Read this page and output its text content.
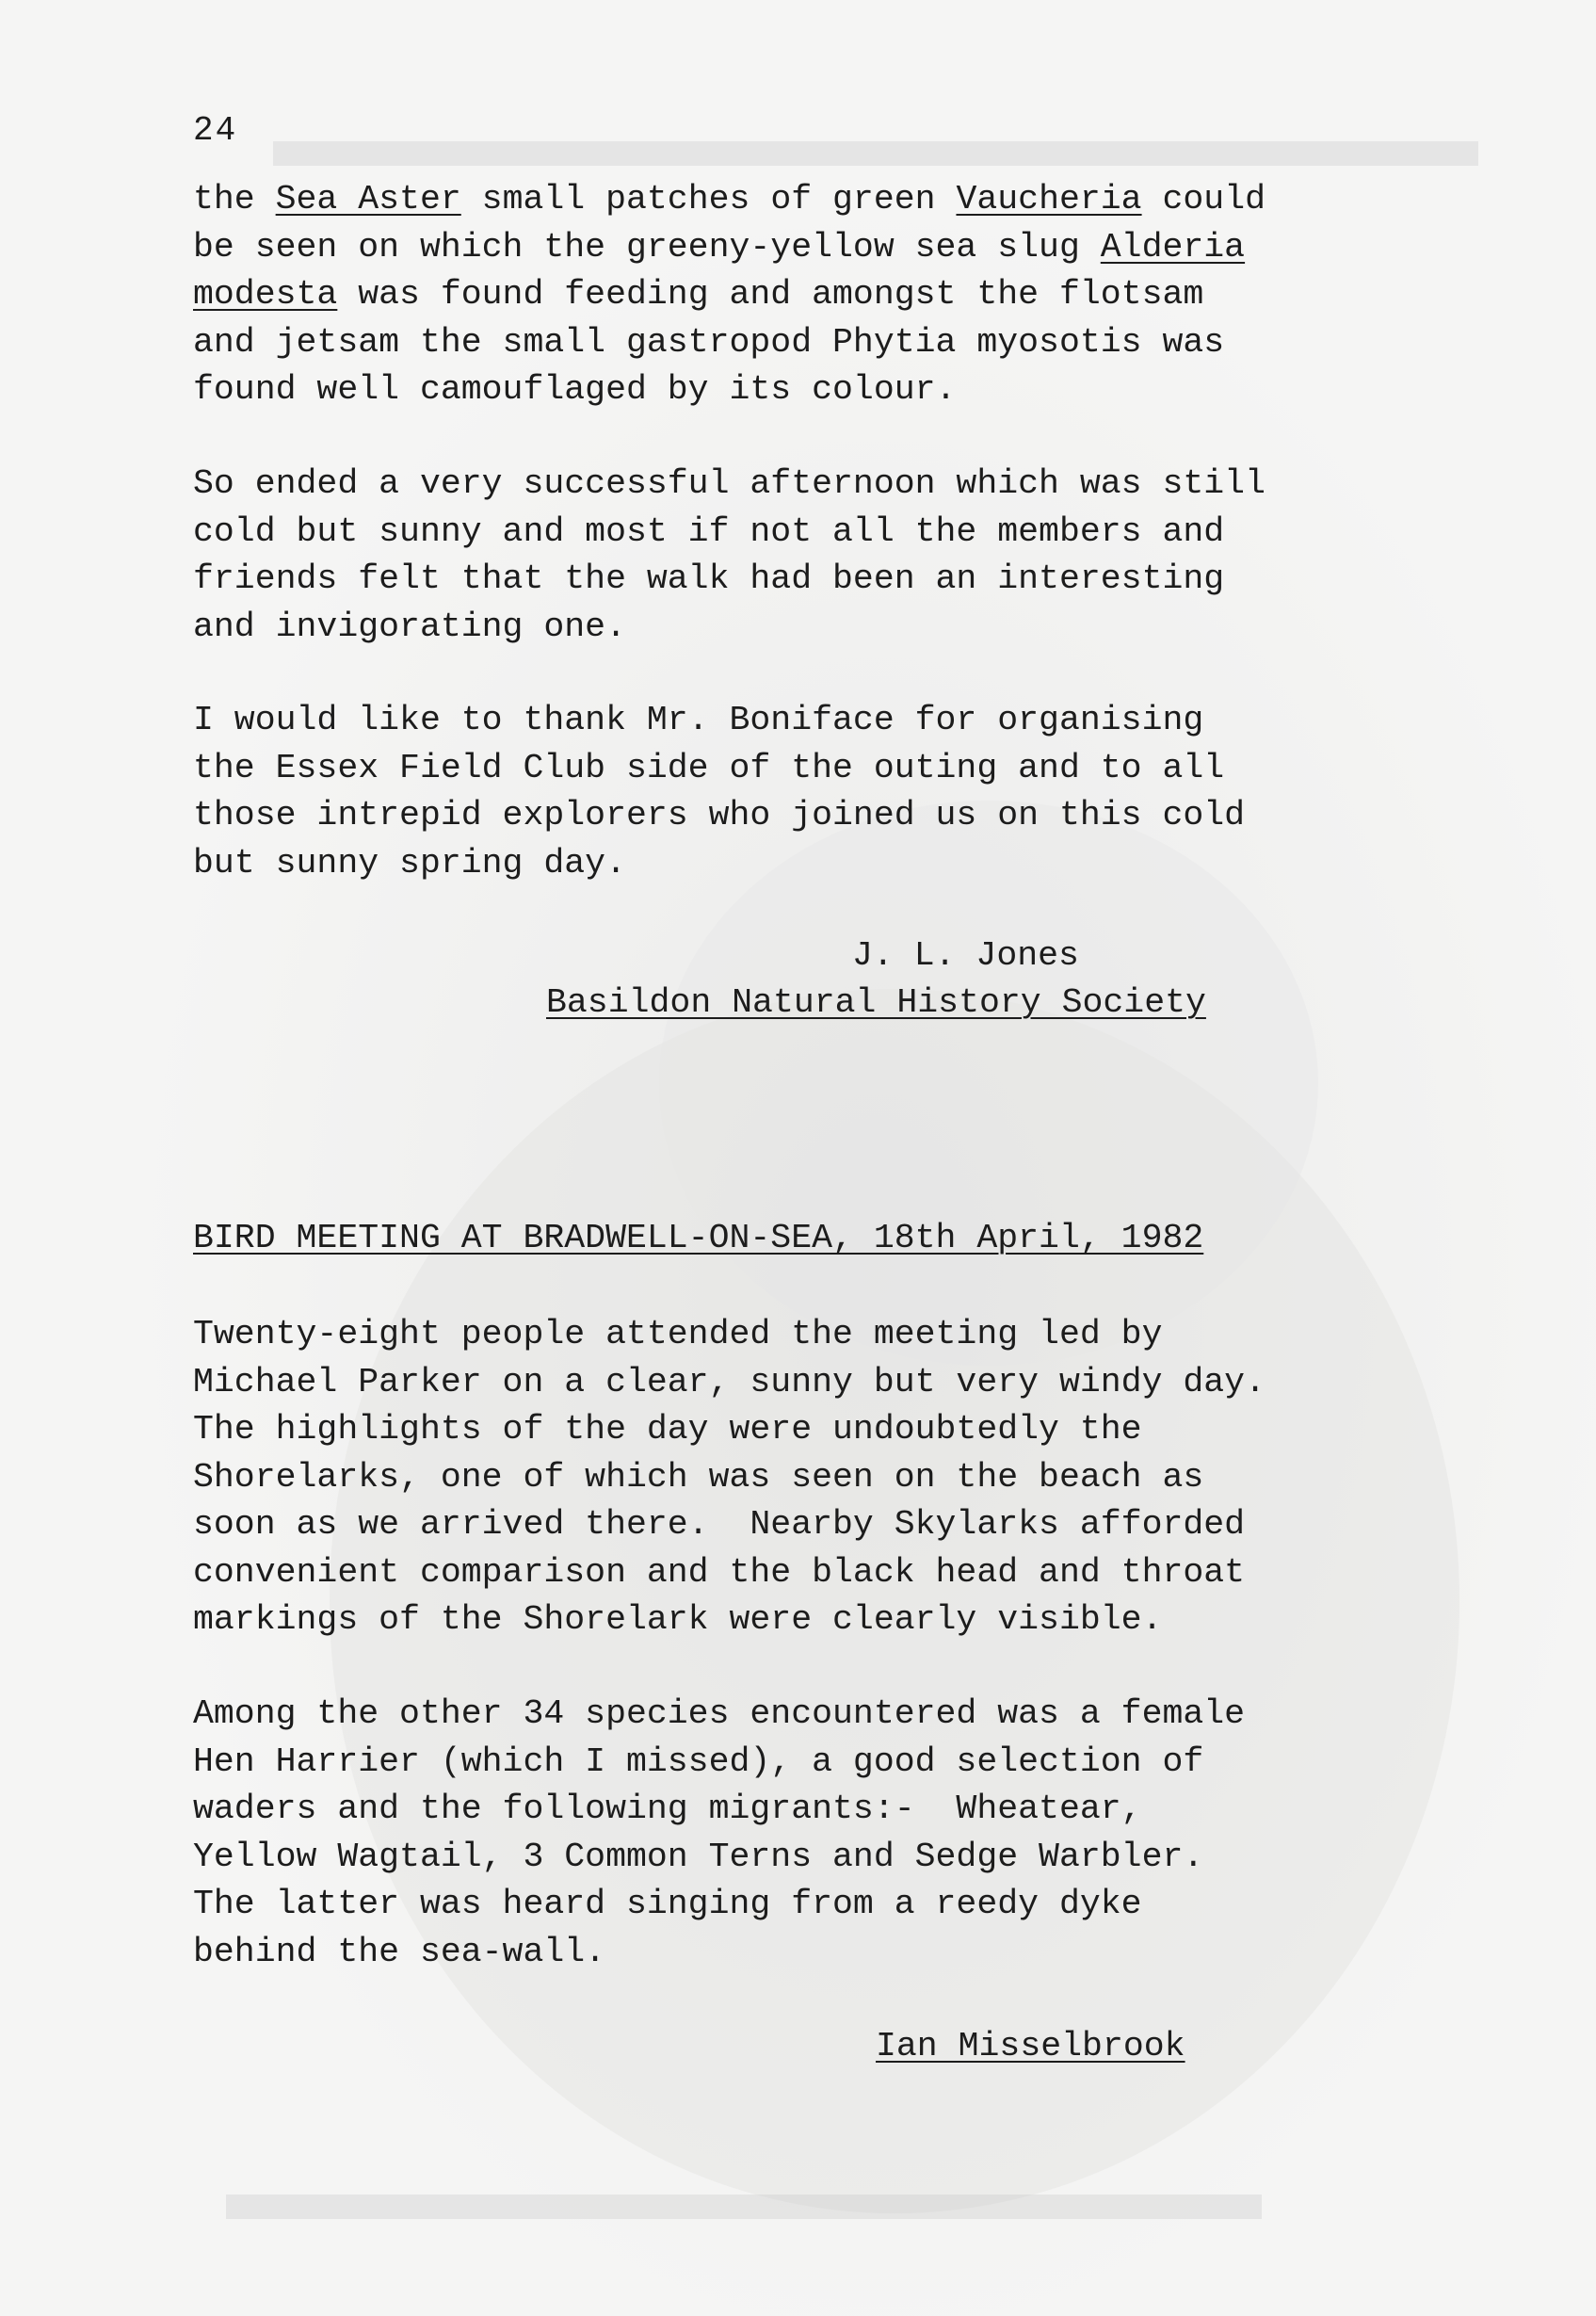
24
the Sea Aster small patches of green Vaucheria could
be seen on which the greeny-yellow sea slug Alderia
modesta was found feeding and amongst the flotsam
and jetsam the small gastropod Phytia myosotis was
found well camouflaged by its colour.
So ended a very successful afternoon which was still
cold but sunny and most if not all the members and
friends felt that the walk had been an interesting
and invigorating one.
I would like to thank Mr. Boniface for organising
the Essex Field Club side of the outing and to all
those intrepid explorers who joined us on this cold
but sunny spring day.
J. L. Jones
Basildon Natural History Society
BIRD MEETING AT BRADWELL-ON-SEA, 18th April, 1982
Twenty-eight people attended the meeting led by
Michael Parker on a clear, sunny but very windy day.
The highlights of the day were undoubtedly the
Shorelarks, one of which was seen on the beach as
soon as we arrived there.  Nearby Skylarks afforded
convenient comparison and the black head and throat
markings of the Shorelark were clearly visible.
Among the other 34 species encountered was a female
Hen Harrier (which I missed), a good selection of
waders and the following migrants:-  Wheatear,
Yellow Wagtail, 3 Common Terns and Sedge Warbler.
The latter was heard singing from a reedy dyke
behind the sea-wall.
Ian Misselbrook
